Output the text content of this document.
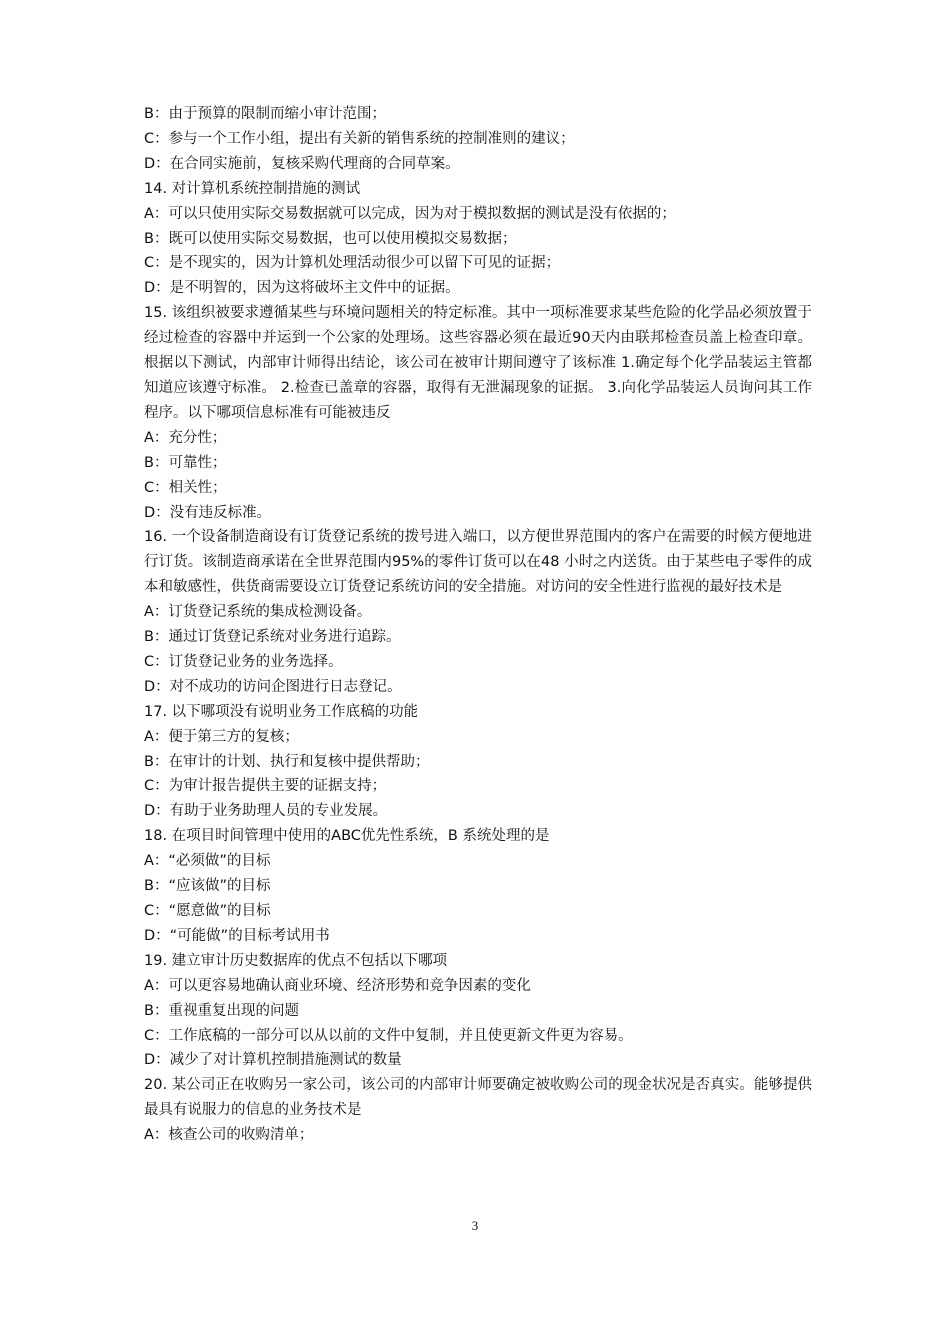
B：由于预算的限制而缩小审计范围；

C：参与一个工作小组，提出有关新的销售系统的控制准则的建议；

D：在合同实施前，复核采购代理商的合同草案。

14. 对计算机系统控制措施的测试

A：可以只使用实际交易数据就可以完成，因为对于模拟数据的测试是没有依据的；

B：既可以使用实际交易数据，也可以使用模拟交易数据；

C：是不现实的，因为计算机处理活动很少可以留下可见的证据；

D：是不明智的，因为这将破坏主文件中的证据。

15. 该组织被要求遵循某些与环境问题相关的特定标准。其中一项标准要求某些危险的化学品必须放置于经过检查的容器中并运到一个公家的处理场。这些容器必须在最近90天内由联邦检查员盖上检查印章。根据以下测试，内部审计师得出结论，该公司在被审计期间遵守了该标准 1.确定每个化学品装运主管都知道应该遵守标准。 2.检查已盖章的容器，取得有无泄漏现象的证据。 3.向化学品装运人员询问其工作程序。以下哪项信息标准有可能被违反

A：充分性；

B：可靠性；

C：相关性；

D：没有违反标准。

16. 一个设备制造商设有订货登记系统的拨号进入端口，以方便世界范围内的客户在需要的时候方便地进行订货。该制造商承诺在全世界范围内95%的零件订货可以在48 小时之内送货。由于某些电子零件的成本和敏感性，供货商需要设立订货登记系统访问的安全措施。对访问的安全性进行监视的最好技术是

A：订货登记系统的集成检测设备。

B：通过订货登记系统对业务进行追踪。

C：订货登记业务的业务选择。

D：对不成功的访问企图进行日志登记。

17. 以下哪项没有说明业务工作底稿的功能

A：便于第三方的复核；

B：在审计的计划、执行和复核中提供帮助；

C：为审计报告提供主要的证据支持；

D：有助于业务助理人员的专业发展。

18. 在项目时间管理中使用的ABC优先性系统，B 系统处理的是

A：“必须做”的目标

B：“应该做”的目标

C：“愿意做”的目标

D：“可能做”的目标考试用书

19. 建立审计历史数据库的优点不包括以下哪项

A：可以更容易地确认商业环境、经济形势和竞争因素的变化

B：重视重复出现的问题

C：工作底稿的一部分可以从以前的文件中复制，并且使更新文件更为容易。

D：减少了对计算机控制措施测试的数量

20. 某公司正在收购另一家公司，该公司的内部审计师要确定被收购公司的现金状况是否真实。能够提供最具有说服力的信息的业务技术是

A：核查公司的收购清单；

3
